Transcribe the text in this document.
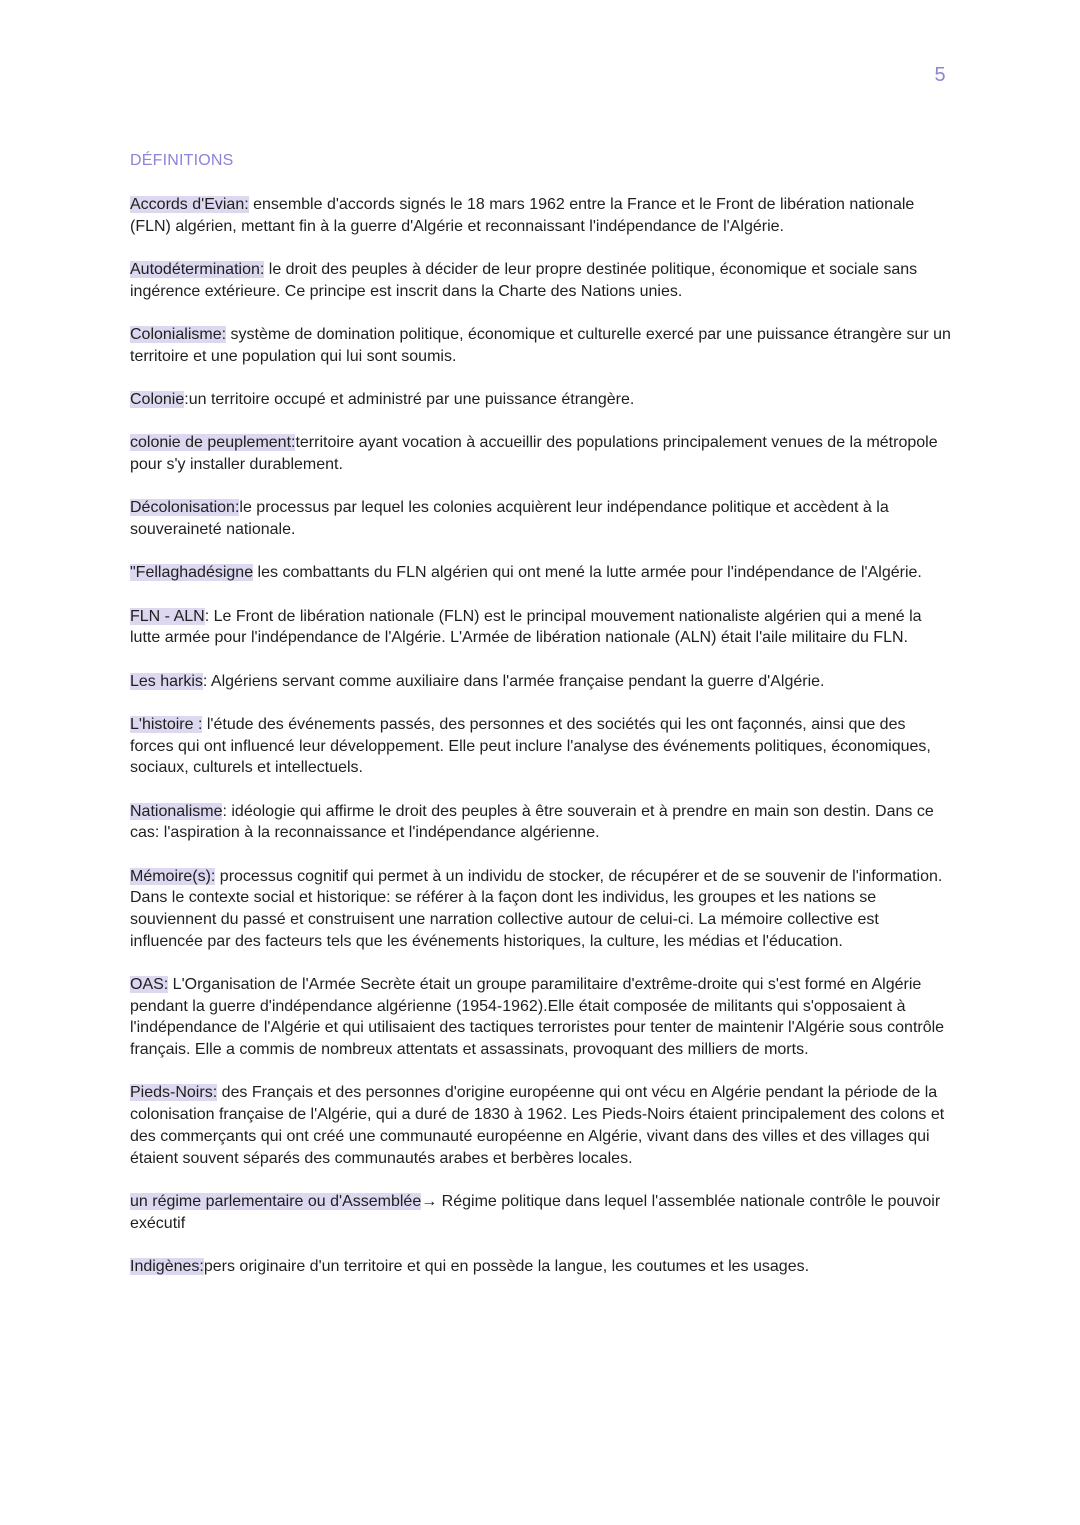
5
DÉFINITIONS
Accords d'Evian: ensemble d'accords signés le 18 mars 1962 entre la France et le Front de libération nationale (FLN) algérien, mettant fin à la guerre d'Algérie et reconnaissant l'indépendance de l'Algérie.
Autodétermination: le droit des peuples à décider de leur propre destinée politique, économique et sociale sans ingérence extérieure. Ce principe est inscrit dans la Charte des Nations unies.
Colonialisme: système de domination politique, économique et culturelle exercé par une puissance étrangère sur un territoire et une population qui lui sont soumis.
Colonie:un territoire occupé et administré par une puissance étrangère.
colonie de peuplement:territoire ayant vocation à accueillir des populations principalement venues de la métropole pour s'y installer durablement.
Décolonisation:le processus par lequel les colonies acquièrent leur indépendance politique et accèdent à la souveraineté nationale.
"Fellaghadésigne les combattants du FLN algérien qui ont mené la lutte armée pour l'indépendance de l'Algérie.
FLN - ALN: Le Front de libération nationale (FLN) est le principal mouvement nationaliste algérien qui a mené la lutte armée pour l'indépendance de l'Algérie. L'Armée de libération nationale (ALN) était l'aile militaire du FLN.
Les harkis: Algériens servant comme auxiliaire dans l'armée française pendant la guerre d'Algérie.
L'histoire : l'étude des événements passés, des personnes et des sociétés qui les ont façonnés, ainsi que des forces qui ont influencé leur développement. Elle peut inclure l'analyse des événements politiques, économiques, sociaux, culturels et intellectuels.
Nationalisme: idéologie qui affirme le droit des peuples à être souverain et à prendre en main son destin. Dans ce cas: l'aspiration à la reconnaissance et l'indépendance algérienne.
Mémoire(s): processus cognitif qui permet à un individu de stocker, de récupérer et de se souvenir de l'information. Dans le contexte social et historique: se référer à la façon dont les individus, les groupes et les nations se souviennent du passé et construisent une narration collective autour de celui-ci. La mémoire collective est influencée par des facteurs tels que les événements historiques, la culture, les médias et l'éducation.
OAS: L'Organisation de l'Armée Secrète était un groupe paramilitaire d'extrême-droite qui s'est formé en Algérie pendant la guerre d'indépendance algérienne (1954-1962).Elle était composée de militants qui s'opposaient à l'indépendance de l'Algérie et qui utilisaient des tactiques terroristes pour tenter de maintenir l'Algérie sous contrôle français. Elle a commis de nombreux attentats et assassinats, provoquant des milliers de morts.
Pieds-Noirs: des Français et des personnes d'origine européenne qui ont vécu en Algérie pendant la période de la colonisation française de l'Algérie, qui a duré de 1830 à 1962. Les Pieds-Noirs étaient principalement des colons et des commerçants qui ont créé une communauté européenne en Algérie, vivant dans des villes et des villages qui étaient souvent séparés des communautés arabes et berbères locales.
un régime parlementaire ou d'Assemblée→ Régime politique dans lequel l'assemblée nationale contrôle le pouvoir exécutif
Indigènes:pers originaire d'un territoire et qui en possède la langue, les coutumes et les usages.
